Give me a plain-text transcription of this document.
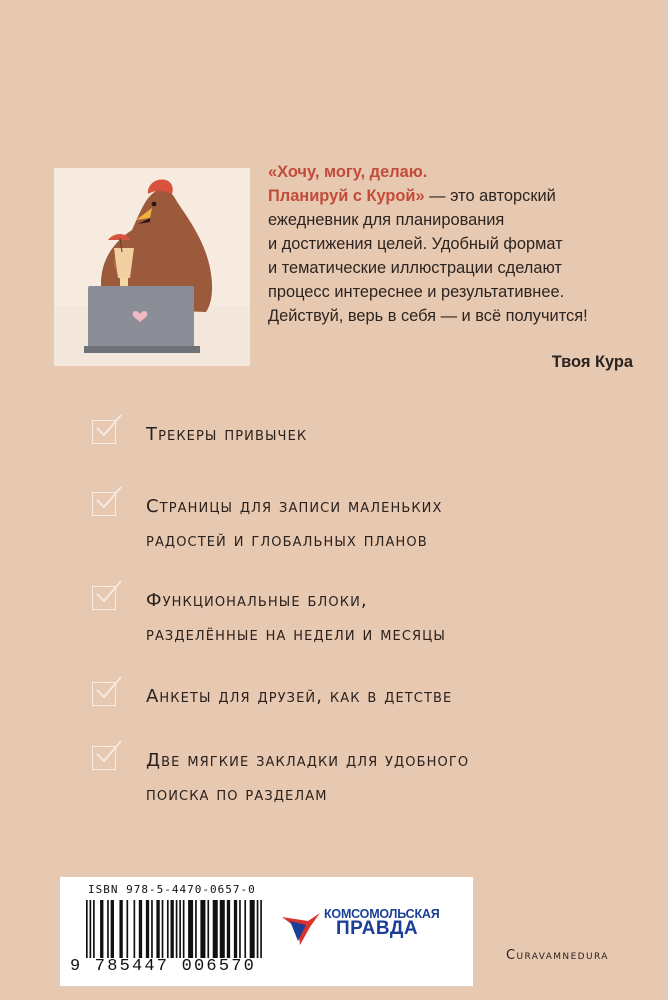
«Хочу, могу, делаю.
Планируй с Курой» — это авторский
ежедневник для планирования
и достижения целей. Удобный формат
и тематические иллюстрации сделают
процесс интереснее и результативнее.
Действуй, верь в себя — и всё получится!
Твоя Кура
Трекеры привычек
Страницы для записи маленьких
радостей и глобальных планов
Функциональные блоки,
разделённые на недели и месяцы
Анкеты для друзей, как в детстве
Две мягкие закладки для удобного
поиска по разделам
ISBN 978-5-4470-0657-0
9 785447 006570
КОМСОМОЛЬСКАЯ
ПРАВДА
Curavamnedura
